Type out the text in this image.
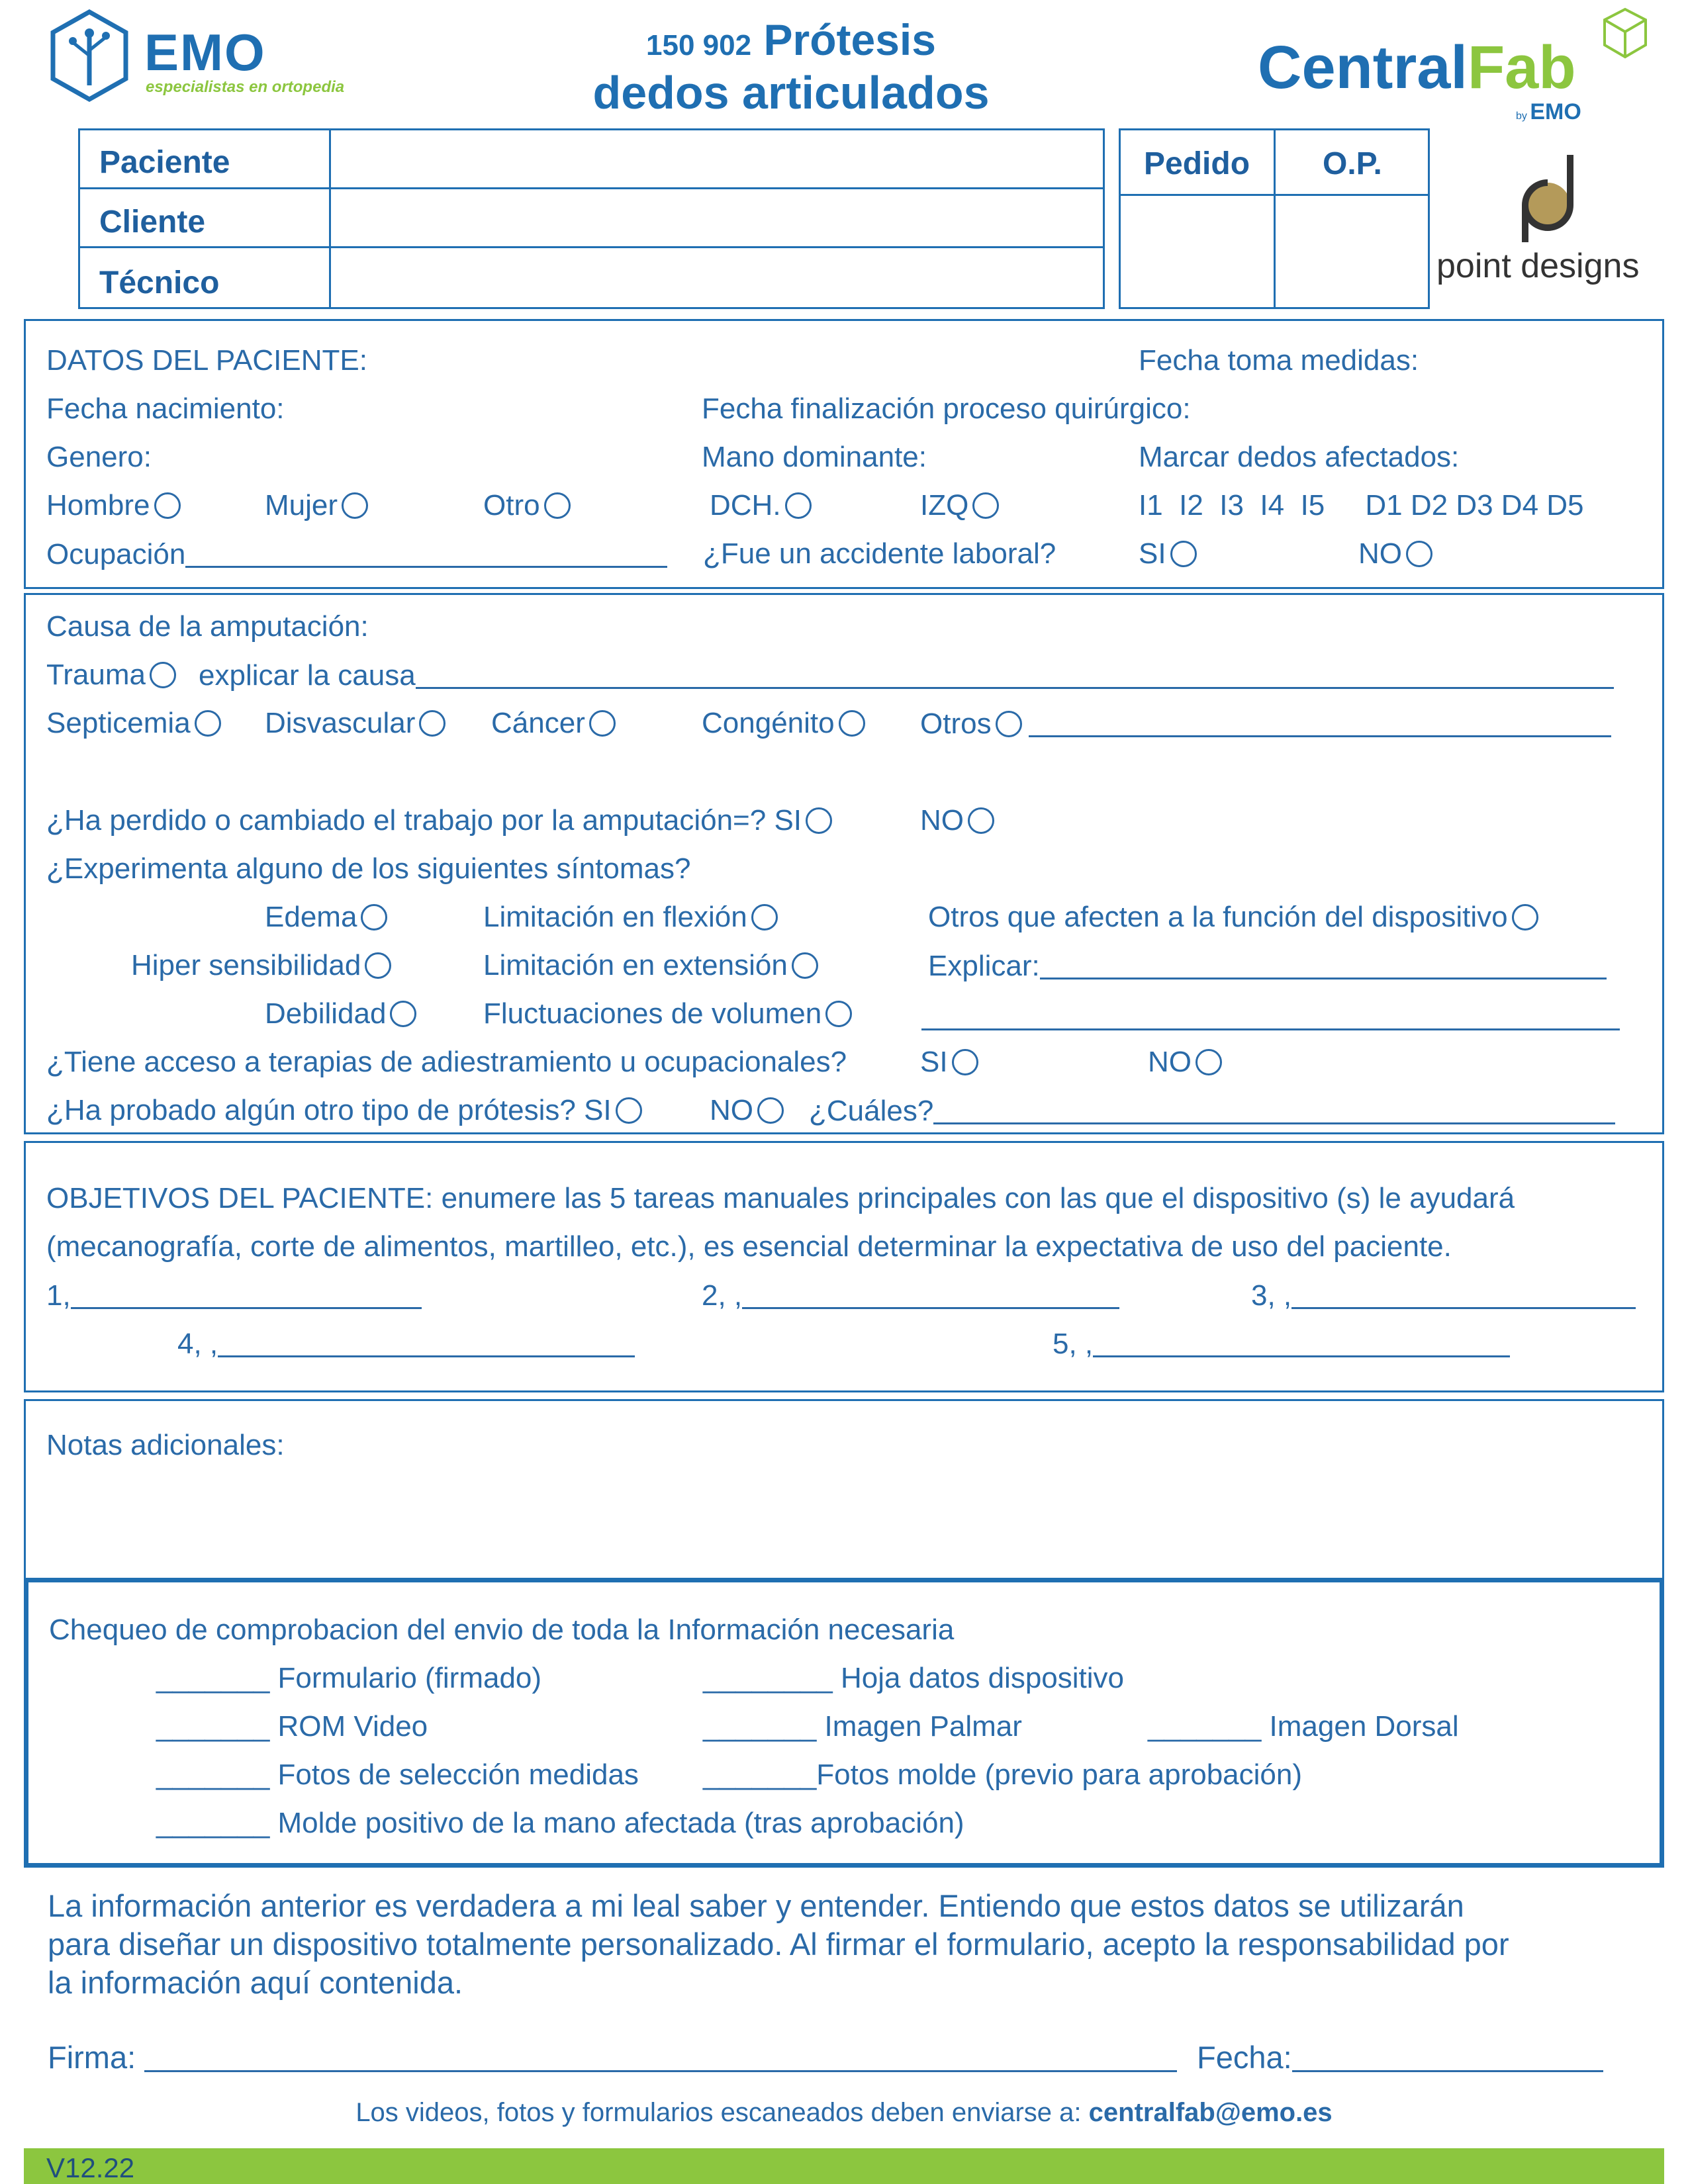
EMO
especialistas en ortopedia
150 902 Prótesis
dedos articulados	CentralFab
by EMO
point designs
Paciente
Cliente
Técnico
Pedido O.P.
DATOS DEL PACIENTE:	Fecha toma medidas:
Fecha nacimiento:	Fecha finalización proceso quirúrgico:
Genero:	Mano dominante:	Marcar dedos afectados:
Hombre	Mujer	Otro	DCH.	IZQ	I1  I2  I3  I4  I5     D1 D2 D3 D4 D5
Ocupación	¿Fue un accidente laboral?	SI	NO
Causa de la amputación:
Trauma	explicar la causa
Septicemia	Disvascular	Cáncer	Congénito	Otros
¿Ha perdido o cambiado el trabajo por la amputación=? SI	NO
¿Experimenta alguno de los siguientes síntomas?
Edema	Limitación en flexión	Otros que afecten a la función del dispositivo
Hiper sensibilidad	Limitación en extensión	Explicar:
Debilidad	Fluctuaciones de volumen
¿Tiene acceso a terapias de adiestramiento u ocupacionales?	SI	NO
¿Ha probado algún otro tipo de prótesis? SI	NO	¿Cuáles?
OBJETIVOS DEL PACIENTE: enumere las 5 tareas manuales principales con las que el dispositivo (s) le ayudará
(mecanografía, corte de alimentos, martilleo, etc.), es esencial determinar la expectativa de uso del paciente.
1,	2, ,	3, ,
4, ,	5, ,
Notas adicionales:
Chequeo de comprobacion del envio de toda la Información necesaria
_______ Formulario (firmado)	________ Hoja datos dispositivo
_______ ROM Video	_______ Imagen Palmar	_______ Imagen Dorsal
_______ Fotos de selección medidas _______Fotos molde (previo para aprobación)
_______ Molde positivo de la mano afectada (tras aprobación)
La información anterior es verdadera a mi leal saber y entender. Entiendo que estos datos se utilizarán
para diseñar un dispositivo totalmente personalizado. Al firmar el formulario, acepto la responsabilidad por
la información aquí contenida.
Firma:	Fecha:
Los videos, fotos y formularios escaneados deben enviarse a: centralfab@emo.es
V12.22
